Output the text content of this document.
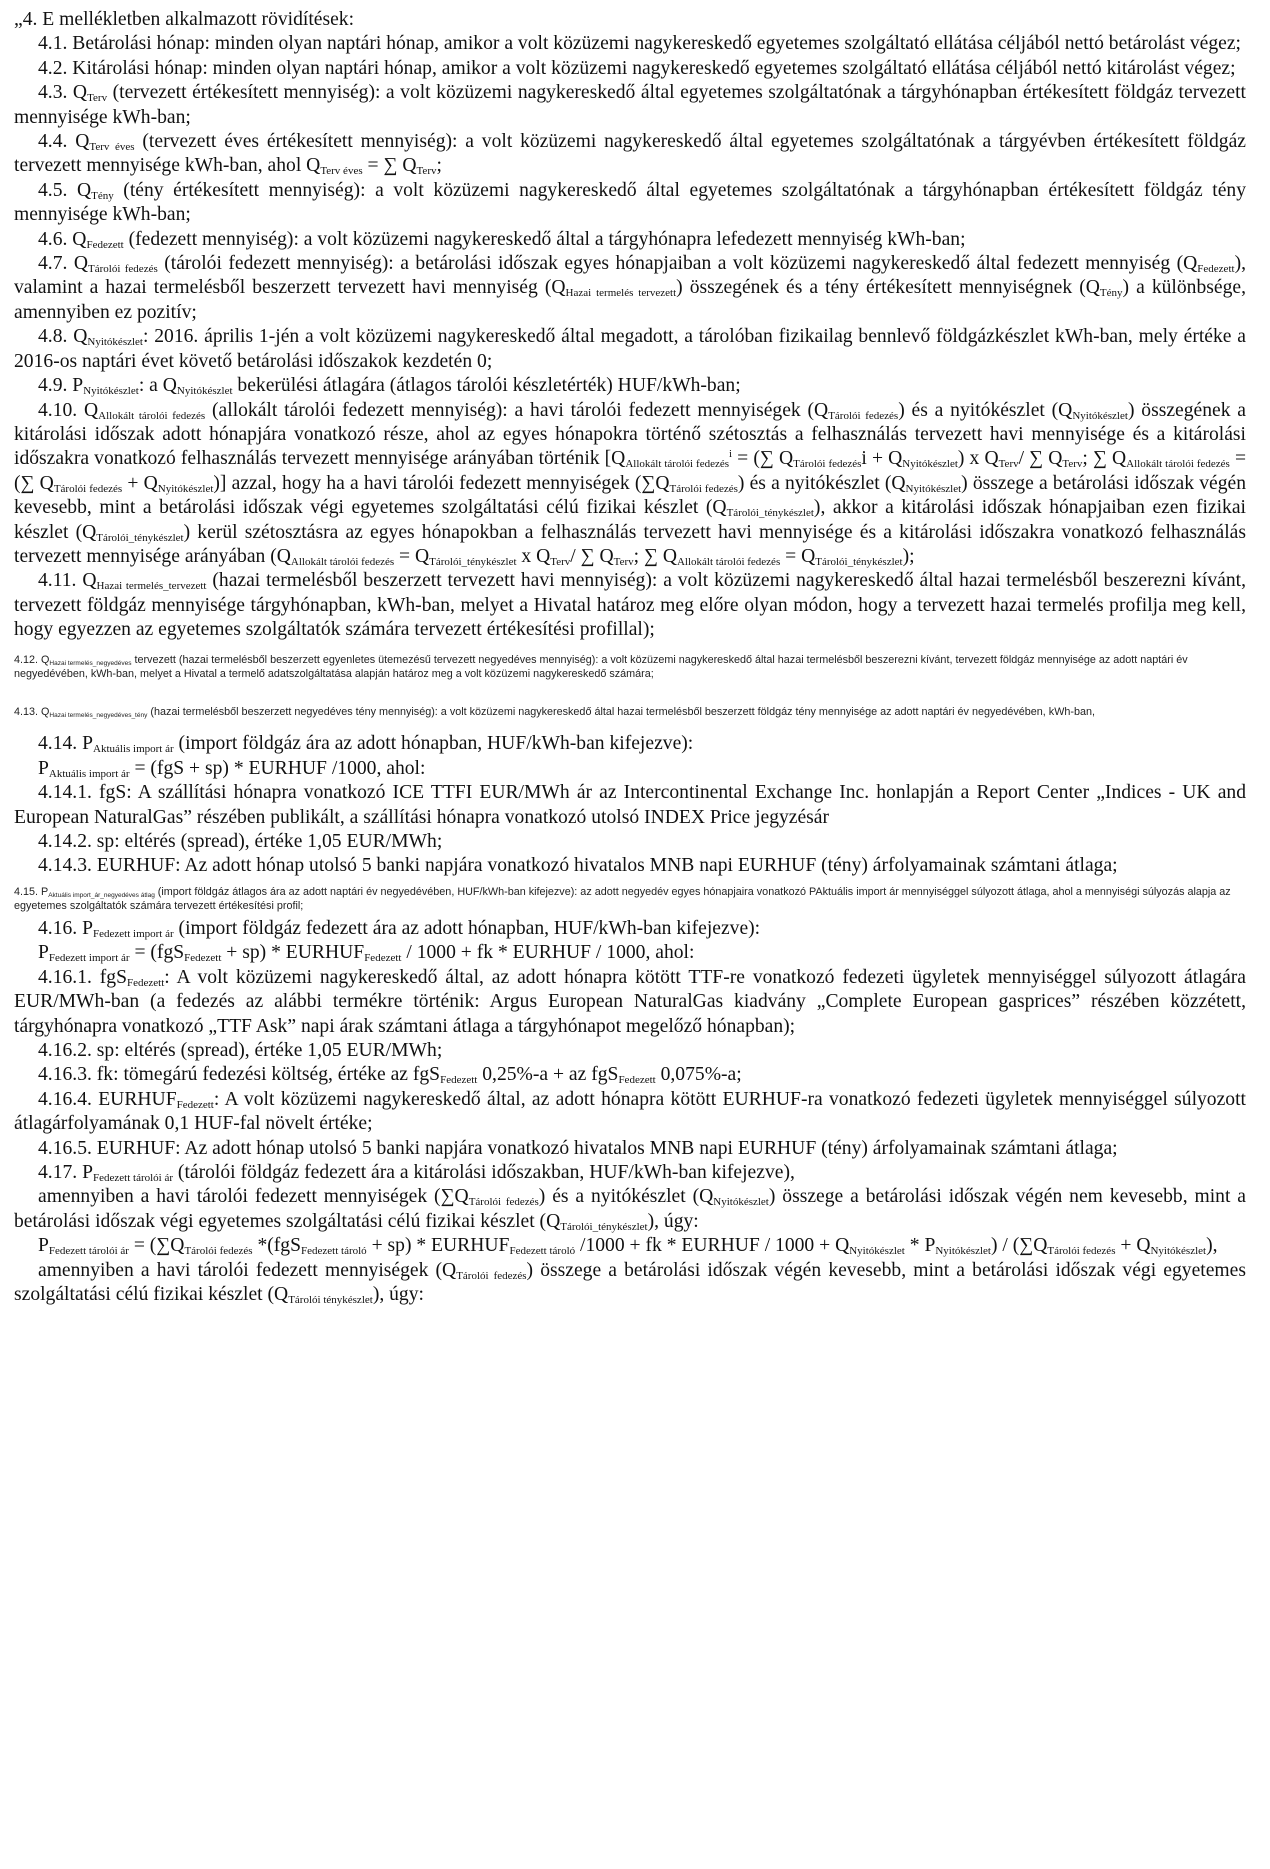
„4. E mellékletben alkalmazott rövidítések:

4.1. Betárolási hónap: minden olyan naptári hónap, amikor a volt közüzemi nagykereskedő egyetemes szolgáltató ellátása céljából nettó betárolást végez;

4.2. Kitárolási hónap: minden olyan naptári hónap, amikor a volt közüzemi nagykereskedő egyetemes szolgáltató ellátása céljából nettó kitárolást végez;

4.3. $Q_{Terv}$ (tervezett értékesített mennyiség): a volt közüzemi nagykereskedő által egyetemes szolgáltatónak a tárgyhónapban értékesített földgáz tervezett mennyisége kWh-ban;

4.4. $Q_{Terv éves}$ (tervezett éves értékesített mennyiség): a volt közüzemi nagykereskedő által egyetemes szolgáltatónak a tárgyévben értékesített földgáz tervezett mennyisége kWh-ban, ahol $Q_{Terv éves}$ = ∑ $Q_{Terv}$;

4.5. $Q_{Tény}$ (tény értékesített mennyiség): a volt közüzemi nagykereskedő által egyetemes szolgáltatónak a tárgyhónapban értékesített földgáz tény mennyisége kWh-ban;

4.6. $Q_{Fedezett}$ (fedezett mennyiség): a volt közüzemi nagykereskedő által a tárgyhónapra lefedezett mennyiség kWh-ban;

4.7. $Q_{Tárolói fedezés}$ (tárolói fedezett mennyiség): a betárolási időszak egyes hónapjaiban a volt közüzemi nagykereskedő által fedezett mennyiség $(Q_{Fedezett})$, valamint a hazai termelésből beszerzett tervezett havi mennyiség $(Q_{Hazai termelés tervezett})$ összegének és a tény értékesített mennyiségnek $(Q_{Tény})$ a különbsége, amennyiben ez pozitív;

4.8. $Q_{Nyitókészlet}$: 2016. április 1-jén a volt közüzemi nagykereskedő által megadott, a tárolóban fizikailag bennlevő földgázkészlet kWh-ban, mely értéke a 2016-os naptári évet követő betárolási időszakok kezdetén 0;

4.9. $P_{Nyitókészlet}$: a $Q_{Nyitókészlet}$ bekerülési átlagára (átlagos tárolói készletérték) HUF/kWh-ban;

4.10. $Q_{Allokált tárolói fedezés}$ (allokált tárolói fedezett mennyiség): a havi tárolói fedezett mennyiségek $(Q_{Tárolói fedezés})$ és a nyitókészlet $(Q_{Nyitókészlet})$ összegének a kitárolási időszak adott hónapjára vonatkozó része, ahol az egyes hónapokra történő szétosztás a felhasználás tervezett havi mennyisége és a kitárolási időszakra vonatkozó felhasználás tervezett mennyisége arányában történik [$Q_{Allokált tárolói fedezés}^i$ = (∑ $Q_{Tárolói fedezés}i + Q_{Nyitókészlet}$) x $Q_{Terv}/$ ∑ $Q_{Terv}$; ∑ $Q_{Allokált tárolói fedezés}$ = (∑ $Q_{Tárolói fedezés} + Q_{Nyitókészlet}$)] azzal, hogy ha a havi tárolói fedezett mennyiségek $(\sum Q_{Tárolói fedezés})$ és a nyitókészlet $(Q_{Nyitókészlet})$ összege a betárolási időszak végén kevesebb, mint a betárolási időszak végi egyetemes szolgáltatási célú fizikai készlet $(Q_{Tárolói\_ténykészlet})$, akkor a kitárolási időszak hónapjaiban ezen fizikai készlet $(Q_{Tárolói\_ténykészlet})$ kerül szétosztásra az egyes hónapokban a felhasználás tervezett havi mennyisége és a kitárolási időszakra vonatkozó felhasználás tervezett mennyisége arányában ($Q_{Allokált tárolói fedezés} = Q_{Tárolói\_ténykészlet}$ x $Q_{Terv}/$ ∑ $Q_{Terv}$; ∑ $Q_{Allokált tárolói fedezés} = Q_{Tárolói\_ténykészlet}$);

4.11. $Q_{Hazai termelés\_tervezett}$ (hazai termelésből beszerzett tervezett havi mennyiség): a volt közüzemi nagykereskedő által hazai termelésből beszerezni kívánt, tervezett földgáz mennyisége tárgyhónapban, kWh-ban, melyet a Hivatal határoz meg előre olyan módon, hogy a tervezett hazai termelés profilja meg kell, hogy egyezzen az egyetemes szolgáltatók számára tervezett értékesítési profillal);

4.12. $Q_{Hazai termelés\_negyedéves}$ tervezett (hazai termelésből beszerzett egyenletes ütemezésű tervezett negyedéves mennyiség): a volt közüzemi nagykereskedő által hazai termelésből beszerezni kívánt, tervezett földgáz mennyisége az adott naptári év negyedévében, kWh-ban, melyet a Hivatal a termelő adatszolgáltatása alapján határoz meg a volt közüzemi nagykereskedő számára;

4.13. $Q_{Hazai termelés\_negyedéves\_tény}$ (hazai termelésből beszerzett negyedéves tény mennyiség): a volt közüzemi nagykereskedő által hazai termelésből beszerzett földgáz tény mennyisége az adott naptári év negyedévében, kWh-ban,

4.14. $P_{Aktuális import ár}$ (import földgáz ára az adott hónapban, HUF/kWh-ban kifejezve):

$P_{Aktuális import ár} = (fgS + sp)$ * EURHUF /1000, ahol:

4.14.1. fgS: A szállítási hónapra vonatkozó ICE TTFI EUR/MWh ár az Intercontinental Exchange Inc. honlapján a Report Center „Indices - UK and European NaturalGas” részében publikált, a szállítási hónapra vonatkozó utolsó INDEX Price jegyzésár

4.14.2. sp: eltérés (spread), értéke 1,05 EUR/MWh;

4.14.3. EURHUF: Az adott hónap utolsó 5 banki napjára vonatkozó hivatalos MNB napi EURHUF (tény) árfolyamainak számtani átlaga;

4.15. $P_{Aktuális import\_ár\_negyedéves átlag}$ (import földgáz átlagos ára az adott naptári év negyedévében, HUF/kWh-ban kifejezve): az adott negyedév egyes hónapjaira vonatkozó PAktuális import ár mennyiséggel súlyozott átlaga, ahol a mennyiségi súlyozás alapja az egyetemes szolgáltatók számára tervezett értékesítési profil;

4.16. $P_{Fedezett import ár}$ (import földgáz fedezett ára az adott hónapban, HUF/kWh-ban kifejezve):

$P_{Fedezett import ár} = (fgS_{Fedezett} + sp)$ * $EURHUF_{Fedezett} / 1000$ + fk * EURHUF / 1000, ahol:

4.16.1. fgS$_{Fedezett}$: A volt közüzemi nagykereskedő által, az adott hónapra kötött TTF-re vonatkozó fedezeti ügyletek mennyiséggel súlyozott átlagára EUR/MWh-ban (a fedezés az alábbi termékre történik: Argus European NaturalGas kiadvány „Complete European gasprices” részében közzétett, tárgyhónapra vonatkozó „TTF Ask” napi árak számtani átlaga a tárgyhónapot megelőző hónapban);

4.16.2. sp: eltérés (spread), értéke 1,05 EUR/MWh;

4.16.3. fk: tömegárú fedezési költség, értéke az fgS$_{Fedezett}$ 0,25%-a + az fgS$_{Fedezett}$ 0,075%-a;

4.16.4. $EURHUF_{Fedezett}$: A volt közüzemi nagykereskedő által, az adott hónapra kötött EURHUF-ra vonatkozó fedezeti ügyletek mennyiséggel súlyozott átlagárfolyamának 0,1 HUF-fal növelt értéke;

4.16.5. EURHUF: Az adott hónap utolsó 5 banki napjára vonatkozó hivatalos MNB napi EURHUF (tény) árfolyamainak számtani átlaga;

4.17. $P_{Fedezett tárolói ár}$ (tárolói földgáz fedezett ára a kitárolási időszakban, HUF/kWh-ban kifejezve),

amennyiben a havi tárolói fedezett mennyiségek $(\sum Q_{Tárolói fedezés})$ és a nyitókészlet $(Q_{Nyitókészlet})$ összege a betárolási időszak végén nem kevesebb, mint a betárolási időszak végi egyetemes szolgáltatási célú fizikai készlet $(Q_{Tárolói\_ténykészlet})$, úgy:

$P_{Fedezett tárolói ár} = (\sum Q_{Tárolói fedezés}$ $*(fgS_{Fedezett tároló} + sp) * EURHUF_{Fedezett tároló}$ /1000 + fk * EURHUF / $1000 + Q_{Nyitókészlet} * P_{Nyitókészlet}) / (\sum Q_{Tárolói fedezés} + Q_{Nyitókészlet})$,

amennyiben a havi tárolói fedezett mennyiségek $(Q_{Tárolói fedezés})$ összege a betárolási időszak végén kevesebb, mint a betárolási időszak végi egyetemes szolgáltatási célú fizikai készlet $(Q_{Tárolói ténykészlet})$, úgy:
